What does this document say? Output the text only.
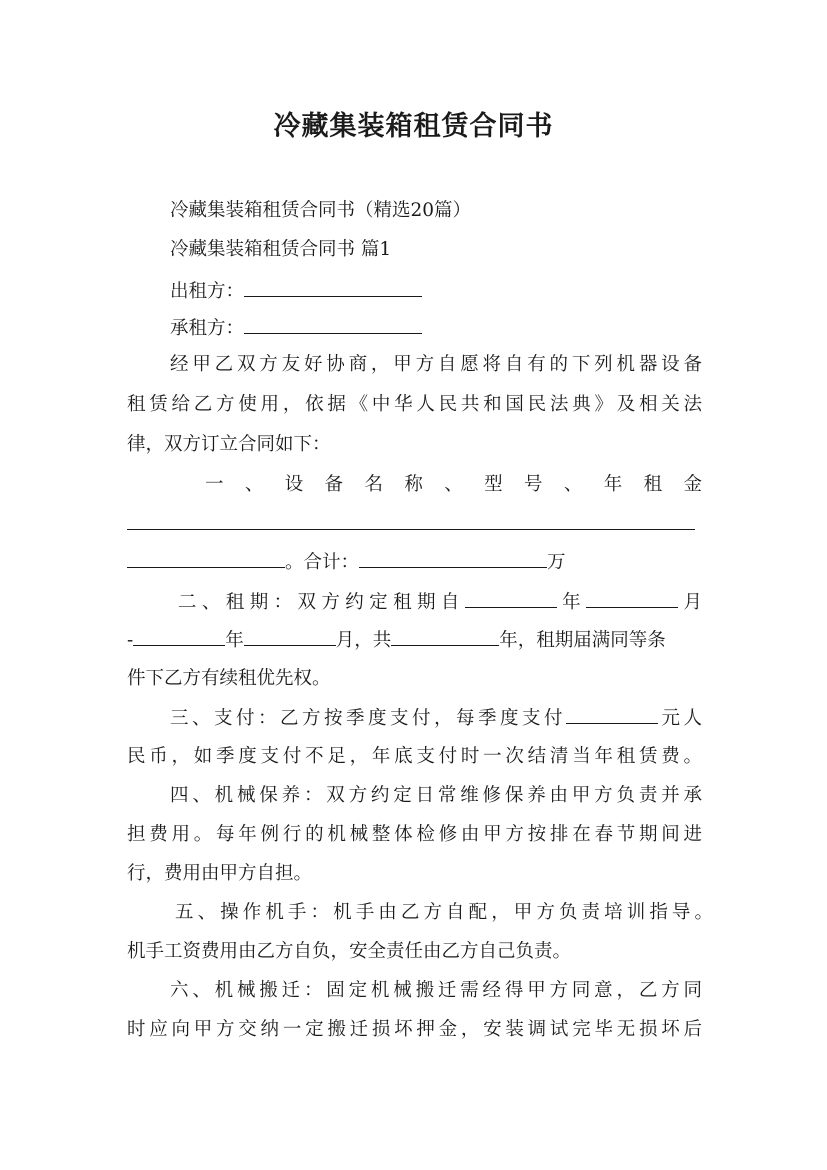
冷藏集装箱租赁合同书
冷藏集装箱租赁合同书（精选20篇）
冷藏集装箱租赁合同书 篇1
出租方：
承租方：
经甲乙双方友好协商，甲方自愿将自有的下列机器设备
租赁给乙方使用，依据《中华人民共和国民法典》及相关法
律，双方订立合同如下：
一、设备名称、型号、年租金
。合计：	万
二、租期：双方约定租期自	年	月
-	年	月，共	年，租期届满同等条
件下乙方有续租优先权。
三、支付：乙方按季度支付，每季度支付	元人
民币，如季度支付不足，年底支付时一次结清当年租赁费。
四、机械保养：双方约定日常维修保养由甲方负责并承
担费用。每年例行的机械整体检修由甲方按排在春节期间进
行，费用由甲方自担。
五、操作机手：机手由乙方自配，甲方负责培训指导。
机手工资费用由乙方自负，安全责任由乙方自己负责。
六、机械搬迁：固定机械搬迁需经得甲方同意，乙方同
时应向甲方交纳一定搬迁损坏押金，安装调试完毕无损坏后
